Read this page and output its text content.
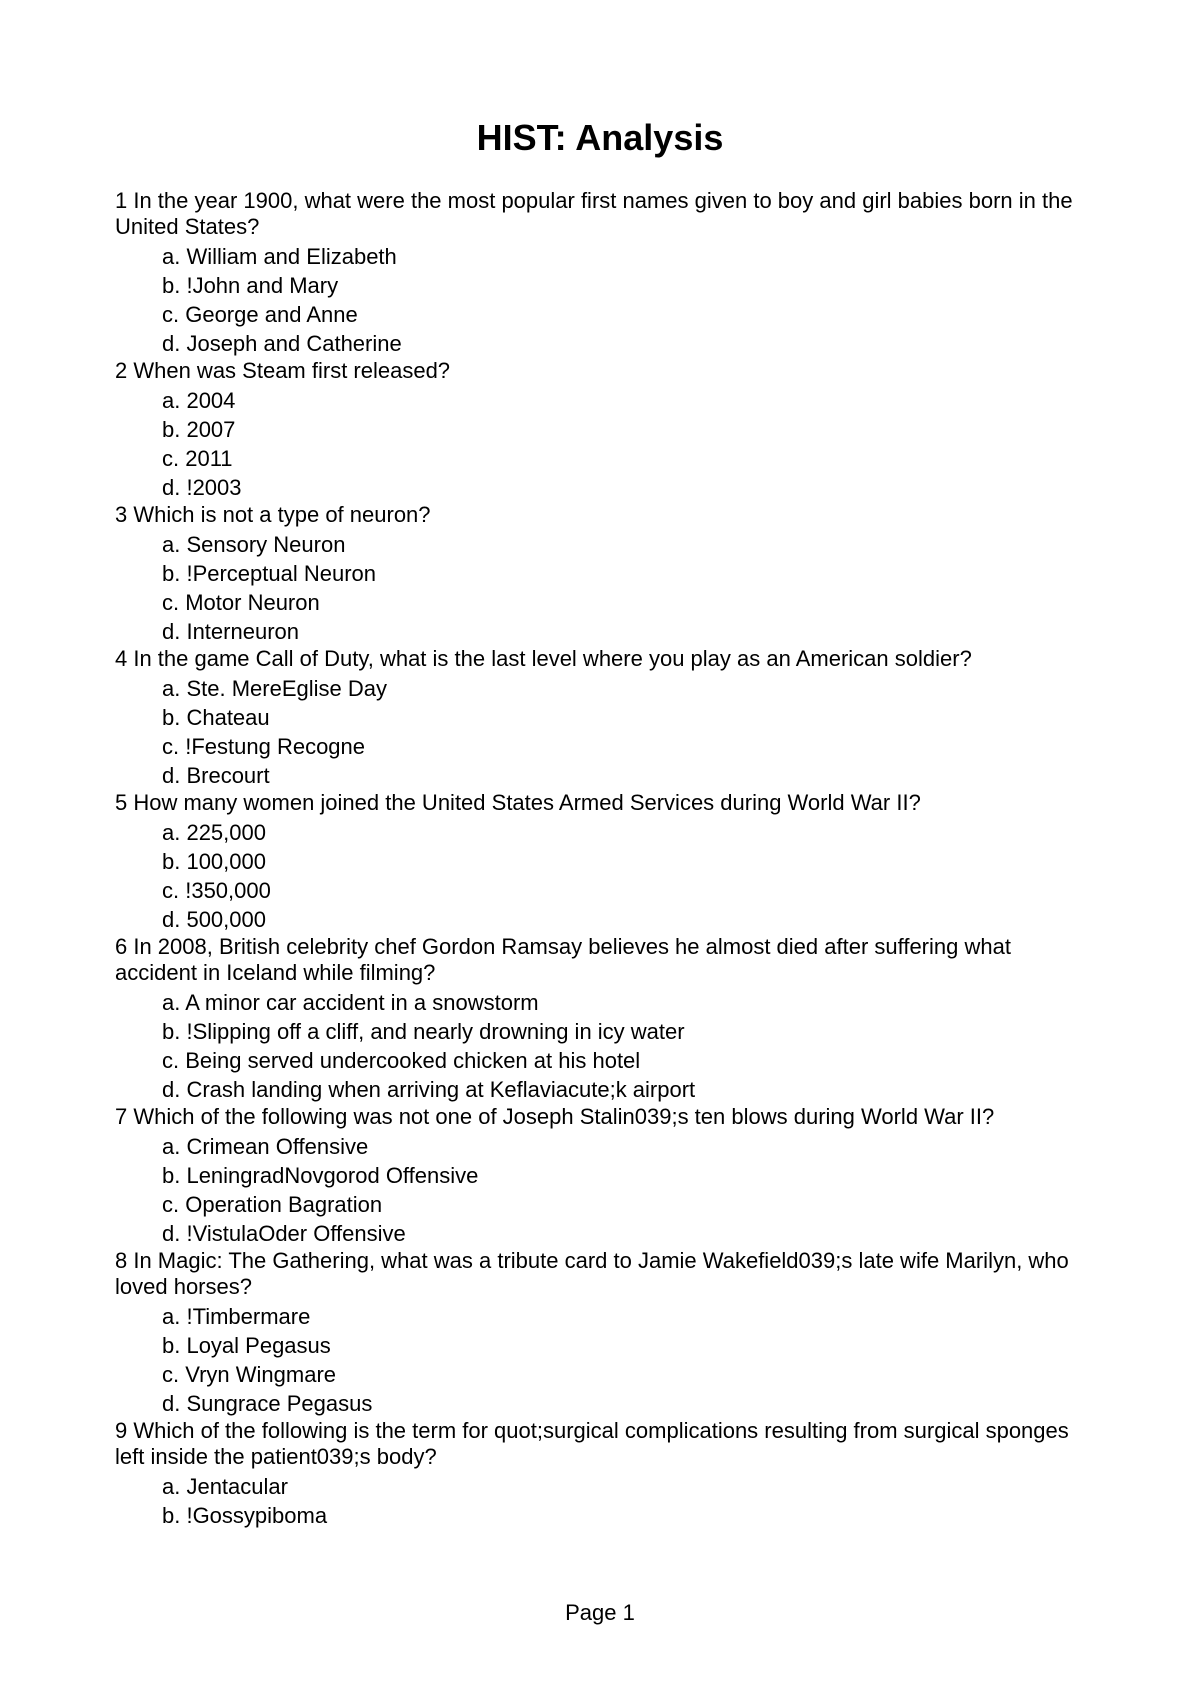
HIST: Analysis

1 In the year 1900, what were the most popular first names given to boy and girl babies born in the United States?

a. William and Elizabeth
b. !John and Mary
c. George and Anne
d. Joseph and Catherine

2 When was Steam first released?

a. 2004
b. 2007
c. 2011
d. !2003

3 Which is not a type of neuron?

a. Sensory Neuron
b. !Perceptual Neuron
c. Motor Neuron
d. Interneuron

4 In the game Call of Duty, what is the last level where you play as an American soldier?

a. Ste. MereEglise Day
b. Chateau
c. !Festung Recogne
d. Brecourt

5 How many women joined the United States Armed Services during World War II?

a. 225,000
b. 100,000
c. !350,000
d. 500,000

6 In 2008, British celebrity chef Gordon Ramsay believes he almost died after suffering what accident in Iceland while filming?

a. A minor car accident in a snowstorm
b. !Slipping off a cliff, and nearly drowning in icy water
c. Being served undercooked chicken at his hotel
d. Crash landing when arriving at Keflaviacute;k airport

7 Which of the following was not one of Joseph Stalin039;s ten blows during World War II?

a. Crimean Offensive
b. LeningradNovgorod Offensive
c. Operation Bagration
d. !VistulaOder Offensive

8 In Magic: The Gathering, what was a tribute card to Jamie Wakefield039;s late wife Marilyn, who loved horses?

a. !Timbermare
b. Loyal Pegasus
c. Vryn Wingmare
d. Sungrace Pegasus

9 Which of the following is the term for quot;surgical complications resulting from surgical sponges left inside the patient039;s body?

a. Jentacular
b. !Gossypiboma
Page 1
